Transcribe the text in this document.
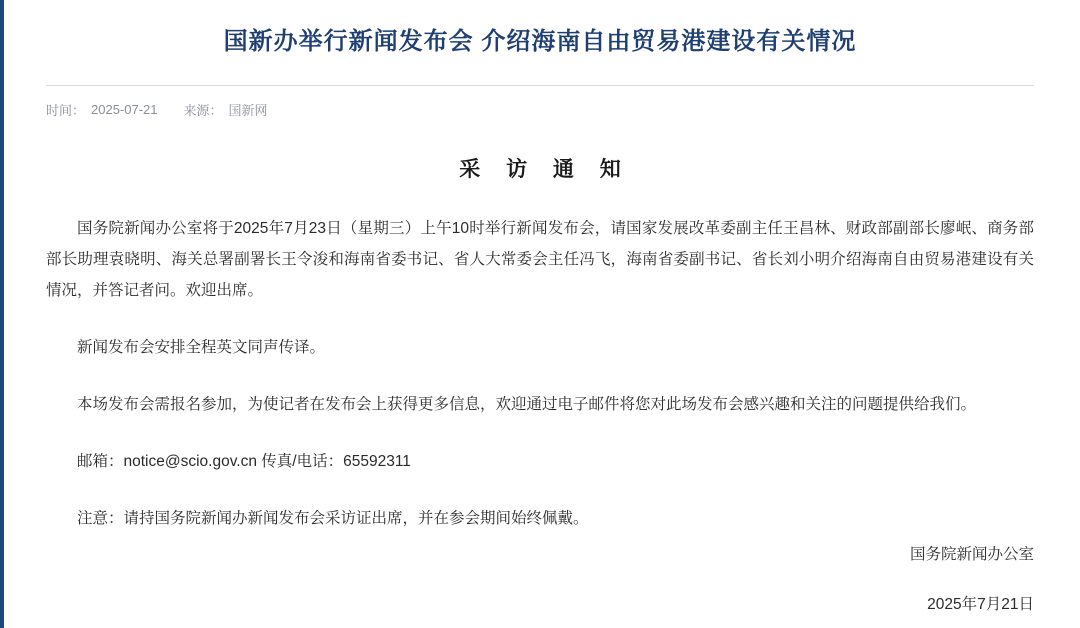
国新办举行新闻发布会 介绍海南自由贸易港建设有关情况
时间： 2025-07-21 来源： 国新网
采 访 通 知

国务院新闻办公室将于2025年7月23日（星期三）上午10时举行新闻发布会，请国家发展改革委副主任王昌林、财政部副部长廖岷、商务部部长助理袁晓明、海关总署副署长王令浚和海南省委书记、省人大常委会主任冯飞，海南省委副书记、省长刘小明介绍海南自由贸易港建设有关情况，并答记者问。欢迎出席。

新闻发布会安排全程英文同声传译。

本场发布会需报名参加，为使记者在发布会上获得更多信息，欢迎通过电子邮件将您对此场发布会感兴趣和关注的问题提供给我们。

邮箱：notice@scio.gov.cn 传真/电话：65592311

注意：请持国务院新闻办新闻发布会采访证出席，并在参会期间始终佩戴。

国务院新闻办公室
2025年7月21日
